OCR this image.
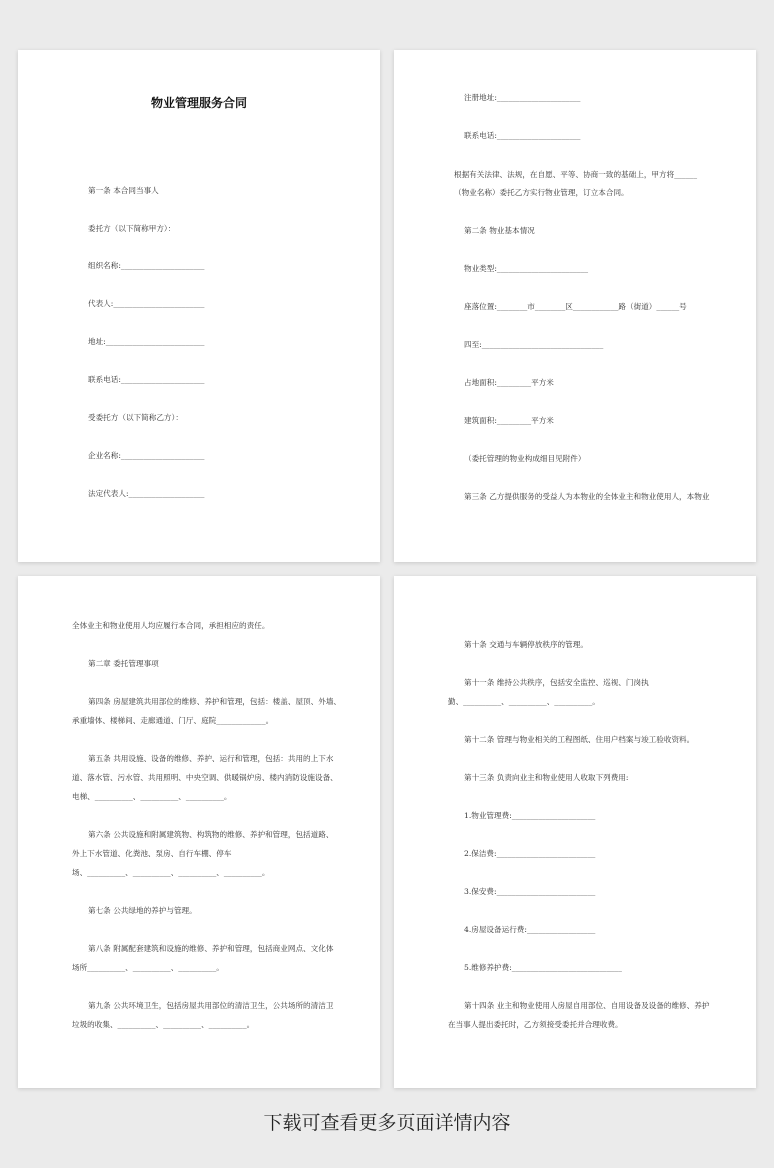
物业管理服务合同
第一条 本合同当事人
委托方（以下简称甲方）：
组织名称:______________________
代表人:________________________
地址:__________________________
联系电话:______________________
受委托方（以下简称乙方）：
企业名称:______________________
法定代表人:____________________
注册地址:______________________
联系电话:______________________
根据有关法律、法规，在自愿、平等、协商一致的基础上，甲方将______
（物业名称）委托乙方实行物业管理，订立本合同。
第二条 物业基本情况
物业类型:________________________
座落位置:________市________区____________路（街道）______号
四至:________________________________
占地面积:_________平方米
建筑面积:_________平方米
（委托管理的物业构成细目见附件）
第三条 乙方提供服务的受益人为本物业的全体业主和物业使用人，本物业
全体业主和物业使用人均应履行本合同，承担相应的责任。
第二章 委托管理事项
第四条 房屋建筑共用部位的维修、养护和管理，包括：楼盖、屋顶、外墙、
承重墙体、楼梯间、走廊通道、门厅、庭院_____________。
第五条 共用设施、设备的维修、养护、运行和管理，包括：共用的上下水
道、落水管、污水管、共用照明、中央空调、供暖锅炉房、楼内消防设施设备、
电梯、__________、__________、__________。
第六条 公共设施和附属建筑物、构筑物的维修、养护和管理，包括道路、
外上下水管道、化粪池、泵房、自行车棚、停车
场、__________、__________、__________、__________。
第七条 公共绿地的养护与管理。
第八条 附属配套建筑和设施的维修、养护和管理，包括商业网点、文化体
场所__________、__________、__________。
第九条 公共环境卫生，包括房屋共用部位的清洁卫生，公共场所的清洁卫
垃圾的收集、__________、__________、__________。
第十条 交通与车辆停放秩序的管理。
第十一条 维持公共秩序，包括安全监控、巡视、门岗执
勤、__________、__________、__________。
第十二条 管理与物业相关的工程图纸、住用户档案与竣工验收资料。
第十三条 负责向业主和物业使用人收取下列费用:
1.物业管理费:______________________
2.保洁费:__________________________
3.保安费:__________________________
4.房屋设备运行费:__________________
5.维修养护费:_____________________________
第十四条 业主和物业使用人房屋自用部位、自用设备及设备的维修、养护
在当事人提出委托时，乙方须接受委托并合理收费。
下载可查看更多页面详情内容
